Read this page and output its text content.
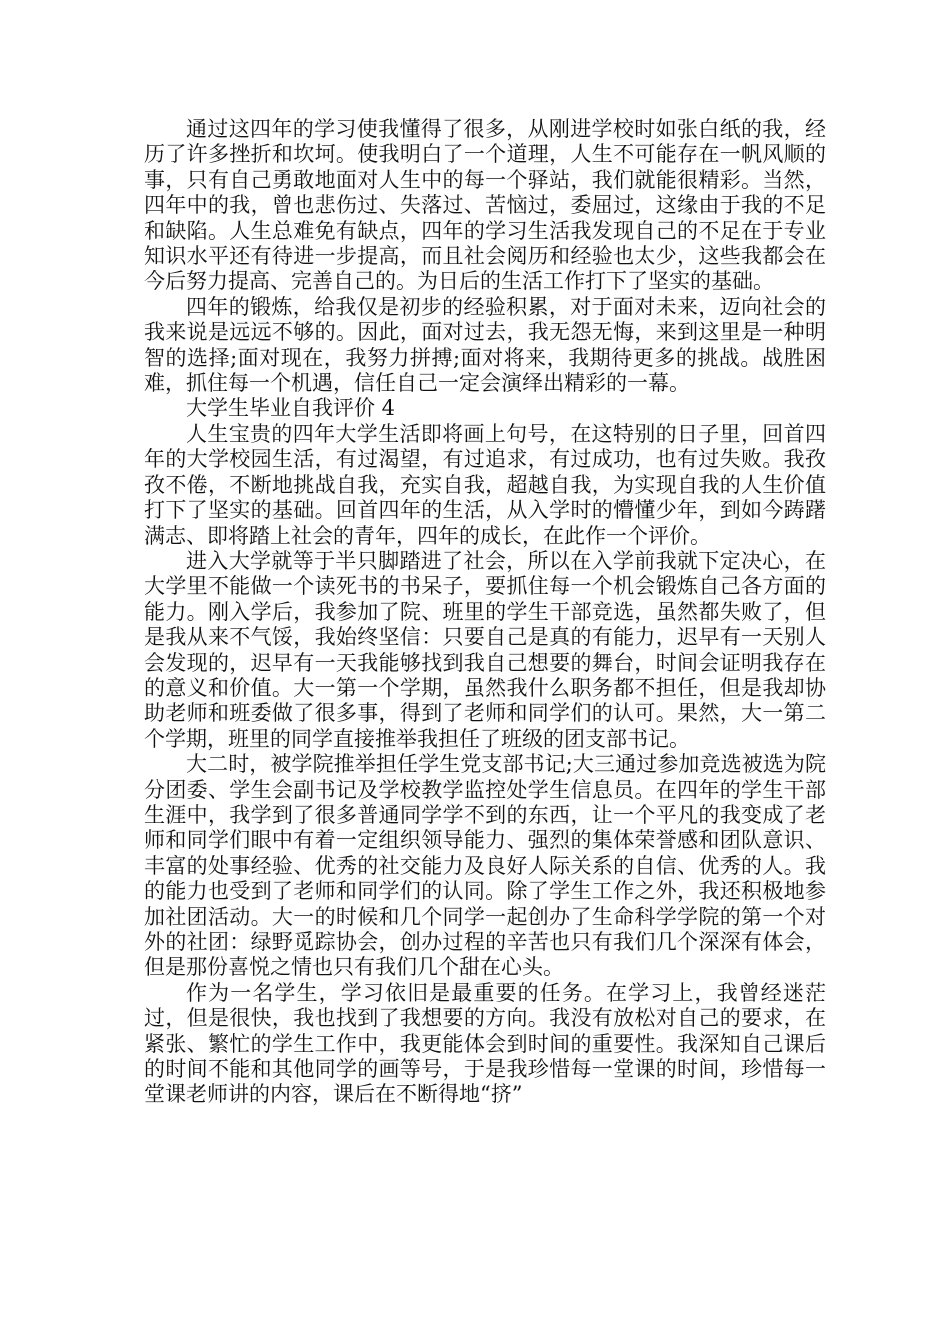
通过这四年的学习使我懂得了很多，从刚进学校时如张白纸的我，经历了许多挫折和坎坷。使我明白了一个道理，人生不可能存在一帆风顺的事，只有自己勇敢地面对人生中的每一个驿站，我们就能很精彩。当然，四年中的我，曾也悲伤过、失落过、苦恼过，委屈过，这缘由于我的不足和缺陷。人生总难免有缺点，四年的学习生活我发现自己的不足在于专业知识水平还有待进一步提高，而且社会阅历和经验也太少，这些我都会在今后努力提高、完善自己的。为日后的生活工作打下了坚实的基础。

四年的锻炼，给我仅是初步的经验积累，对于面对未来，迈向社会的我来说是远远不够的。因此，面对过去，我无怨无悔，来到这里是一种明智的选择;面对现在，我努力拼搏;面对将来，我期待更多的挑战。战胜困难，抓住每一个机遇，信任自己一定会演绎出精彩的一幕。

大学生毕业自我评价 4

人生宝贵的四年大学生活即将画上句号，在这特别的日子里，回首四年的大学校园生活，有过渴望，有过追求，有过成功，也有过失败。我孜孜不倦，不断地挑战自我，充实自我，超越自我，为实现自我的人生价值打下了坚实的基础。回首四年的生活，从入学时的懵懂少年，到如今踌躇满志、即将踏上社会的青年，四年的成长，在此作一个评价。

进入大学就等于半只脚踏进了社会，所以在入学前我就下定决心，在大学里不能做一个读死书的书呆子，要抓住每一个机会锻炼自己各方面的能力。刚入学后，我参加了院、班里的学生干部竞选，虽然都失败了，但是我从来不气馁，我始终坚信：只要自己是真的有能力，迟早有一天别人会发现的，迟早有一天我能够找到我自己想要的舞台，时间会证明我存在的意义和价值。大一第一个学期，虽然我什么职务都不担任，但是我却协助老师和班委做了很多事，得到了老师和同学们的认可。果然，大一第二个学期，班里的同学直接推举我担任了班级的团支部书记。

大二时，被学院推举担任学生党支部书记;大三通过参加竞选被选为院分团委、学生会副书记及学校教学监控处学生信息员。在四年的学生干部生涯中，我学到了很多普通同学学不到的东西，让一个平凡的我变成了老师和同学们眼中有着一定组织领导能力、强烈的集体荣誉感和团队意识、丰富的处事经验、优秀的社交能力及良好人际关系的自信、优秀的人。我的能力也受到了老师和同学们的认同。除了学生工作之外，我还积极地参加社团活动。大一的时候和几个同学一起创办了生命科学学院的第一个对外的社团：绿野觅踪协会，创办过程的辛苦也只有我们几个深深有体会，但是那份喜悦之情也只有我们几个甜在心头。

作为一名学生，学习依旧是最重要的任务。在学习上，我曾经迷茫过，但是很快，我也找到了我想要的方向。我没有放松对自己的要求，在紧张、繁忙的学生工作中，我更能体会到时间的重要性。我深知自己课后的时间不能和其他同学的画等号，于是我珍惜每一堂课的时间，珍惜每一堂课老师讲的内容，课后在不断得地“挤”
